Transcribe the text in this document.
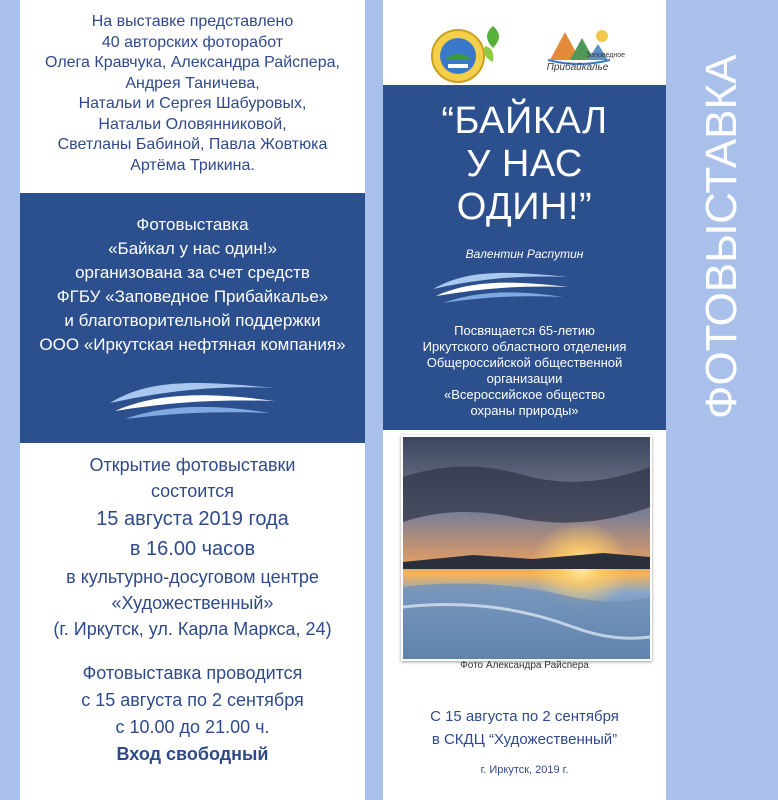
На выставке представлено
40 авторских фоторабот
Олега Кравчука, Александра Райспера,
Андрея Таничева,
Натальи и Сергея Шабуровых,
Натальи Оловянниковой,
Светланы Бабиной, Павла Жовтюка
Артёма Трикина.
Фотовыставка
«Байкал у нас один!»
организована за счет средств
ФГБУ «Заповедное Прибайкалье»
и благотворительной поддержки
ООО «Иркутская нефтяная компания»
Открытие фотовыставки
состоится
15 августа 2019 года
в 16.00 часов
в культурно-досуговом центре
«Художественный»
(г. Иркутск, ул. Карла Маркса, 24)
Фотовыставка проводится
с 15 августа по 2 сентября
с 10.00 до 21.00 ч.
Вход свободный
Заповедное
Прибайкалье
“БАЙКАЛ
У НАС
ОДИН!”
Валентин Распутин
Посвящается 65-летию
Иркутского областного отделения
Общероссийской общественной
организации
«Всероссийское общество
охраны природы»
Фото Александра Райспера
С 15 августа по 2 сентября
в СКДЦ “Художественный”
г. Иркутск, 2019 г.
ФОТОВЫСТАВКА
